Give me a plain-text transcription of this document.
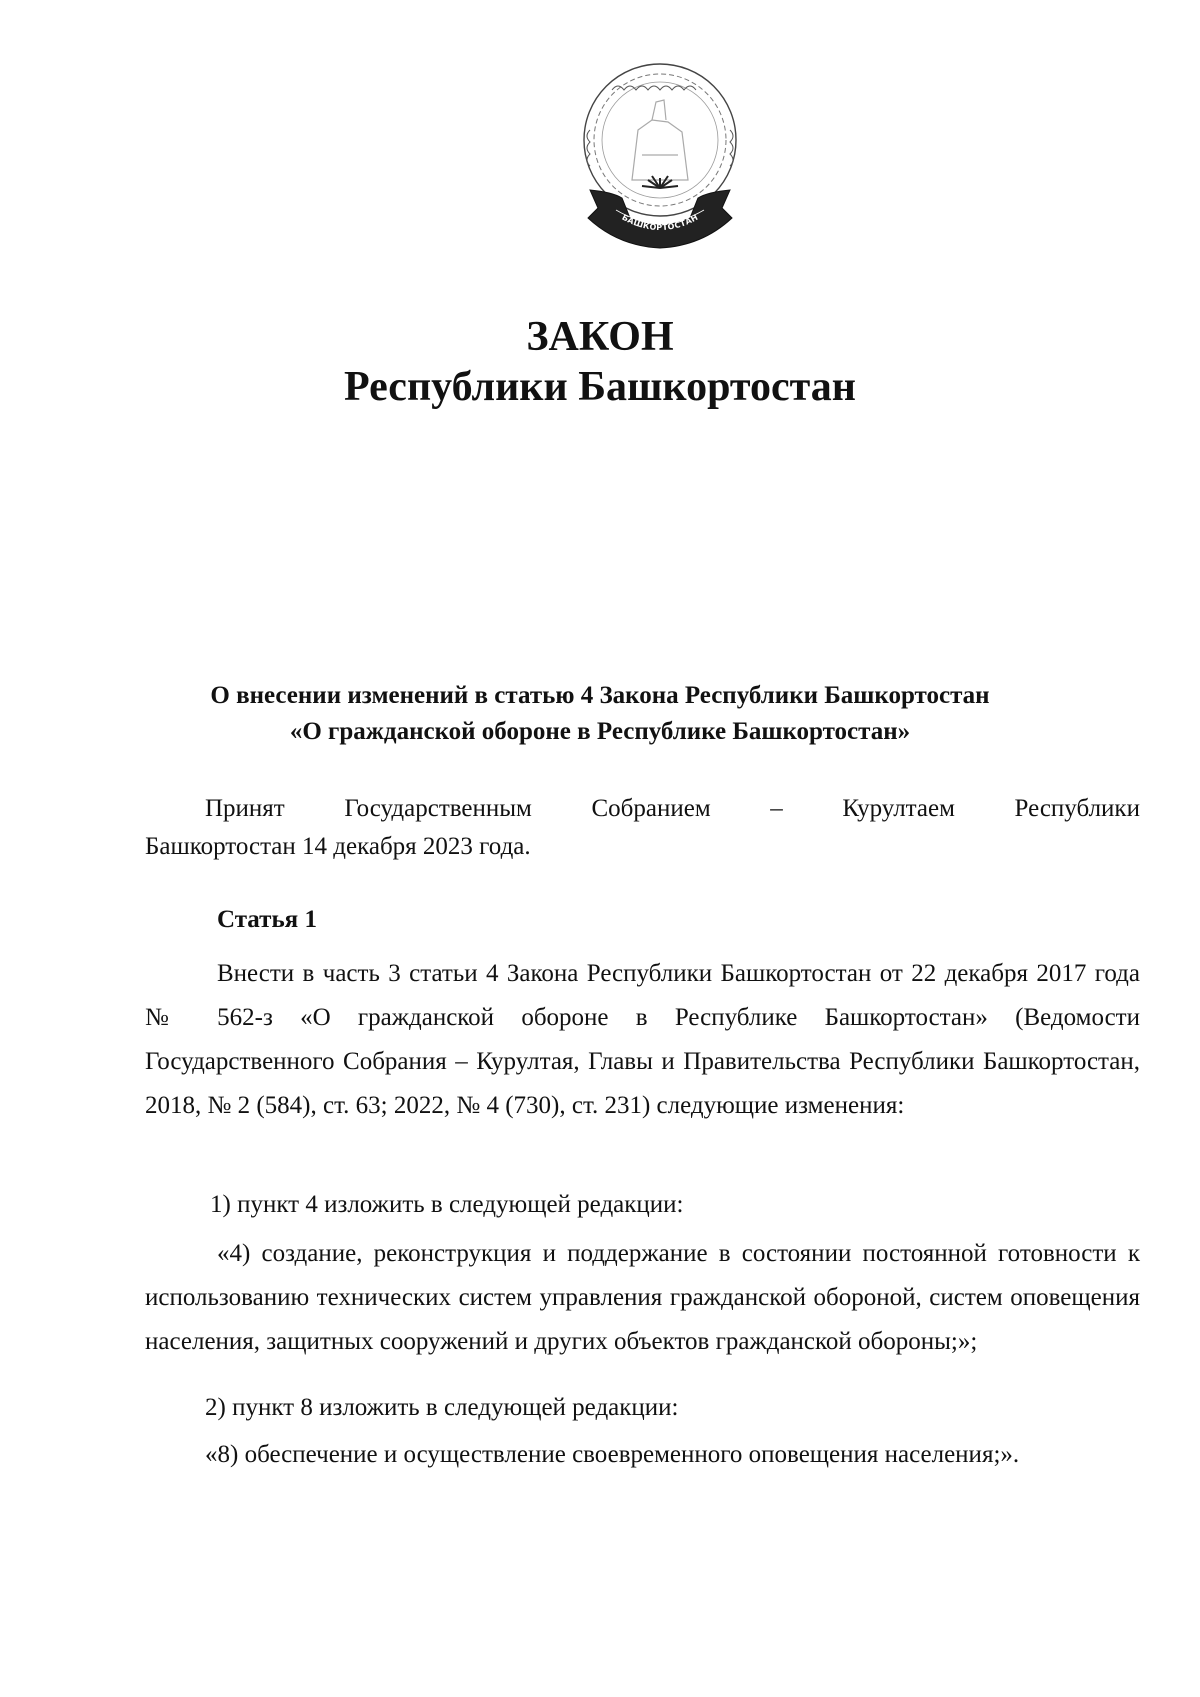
БАШКОРТОСТАН
ЗАКОН
Республики Башкортостан
О внесении изменений в статью 4 Закона Республики Башкортостан
«О гражданской обороне в Республике Башкортостан»
Принят Государственным Собранием – Курултаем Республики
Башкортостан 14 декабря 2023 года.
Статья 1
Внести в часть 3 статьи 4 Закона Республики Башкортостан от 22 декабря 2017 года № 562-з «О гражданской обороне в Республике Башкортостан» (Ведомости Государственного Собрания – Курултая, Главы и Правительства Республики Башкортостан, 2018, № 2 (584), ст. 63; 2022, № 4 (730), ст. 231) следующие изменения:
1) пункт 4 изложить в следующей редакции:
«4) создание, реконструкция и поддержание в состоянии постоянной готовности к использованию технических систем управления гражданской обороной, систем оповещения населения, защитных сооружений и других объектов гражданской обороны;»;
2) пункт 8 изложить в следующей редакции:
«8) обеспечение и осуществление своевременного оповещения населения;».
